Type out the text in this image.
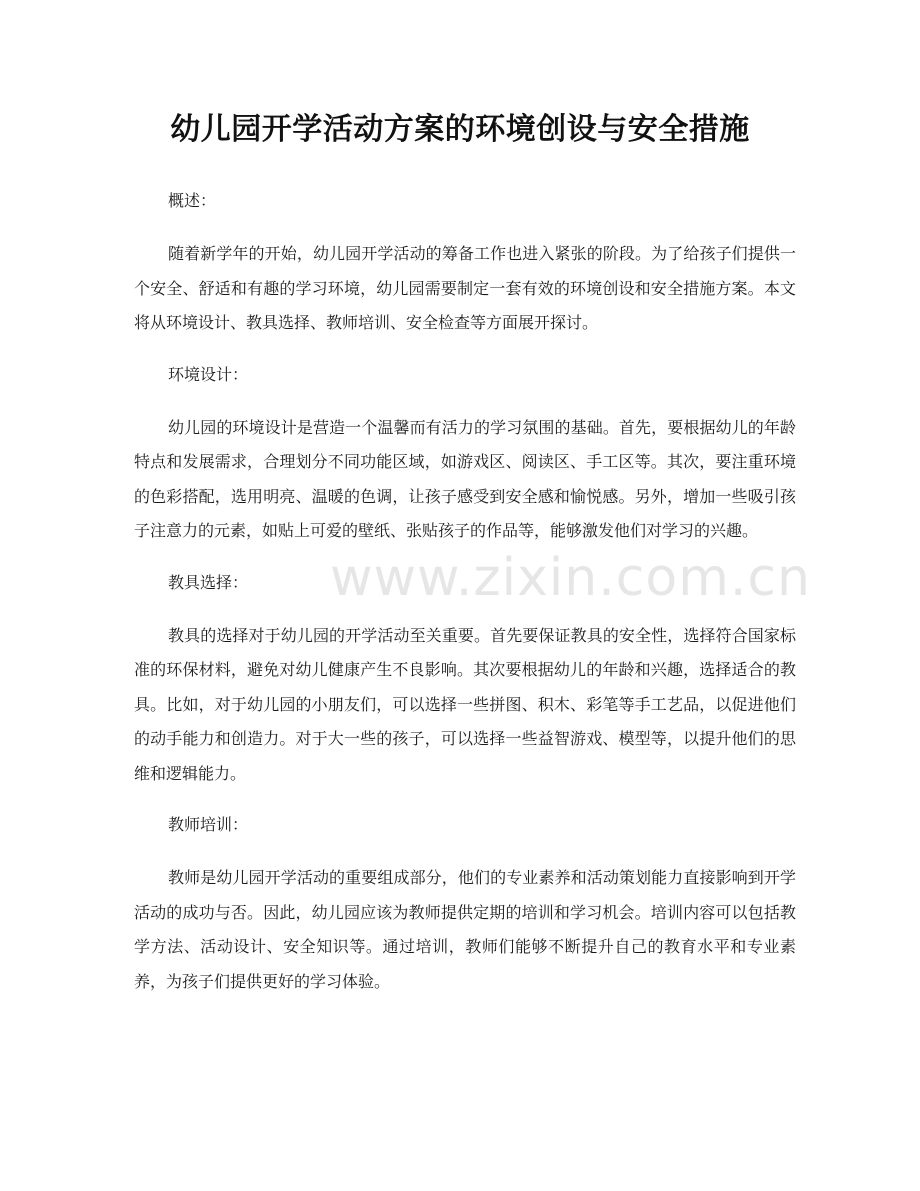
幼儿园开学活动方案的环境创设与安全措施
www.zixin.com.cn

概述：

随着新学年的开始，幼儿园开学活动的筹备工作也进入紧张的阶段。为了给孩子们提供一个安全、舒适和有趣的学习环境，幼儿园需要制定一套有效的环境创设和安全措施方案。本文将从环境设计、教具选择、教师培训、安全检查等方面展开探讨。

环境设计：

幼儿园的环境设计是营造一个温馨而有活力的学习氛围的基础。首先，要根据幼儿的年龄特点和发展需求，合理划分不同功能区域，如游戏区、阅读区、手工区等。其次，要注重环境的色彩搭配，选用明亮、温暖的色调，让孩子感受到安全感和愉悦感。另外，增加一些吸引孩子注意力的元素，如贴上可爱的壁纸、张贴孩子的作品等，能够激发他们对学习的兴趣。

教具选择：

教具的选择对于幼儿园的开学活动至关重要。首先要保证教具的安全性，选择符合国家标准的环保材料，避免对幼儿健康产生不良影响。其次要根据幼儿的年龄和兴趣，选择适合的教具。比如，对于幼儿园的小朋友们，可以选择一些拼图、积木、彩笔等手工艺品，以促进他们的动手能力和创造力。对于大一些的孩子，可以选择一些益智游戏、模型等，以提升他们的思维和逻辑能力。

教师培训：

教师是幼儿园开学活动的重要组成部分，他们的专业素养和活动策划能力直接影响到开学活动的成功与否。因此，幼儿园应该为教师提供定期的培训和学习机会。培训内容可以包括教学方法、活动设计、安全知识等。通过培训，教师们能够不断提升自己的教育水平和专业素养，为孩子们提供更好的学习体验。
